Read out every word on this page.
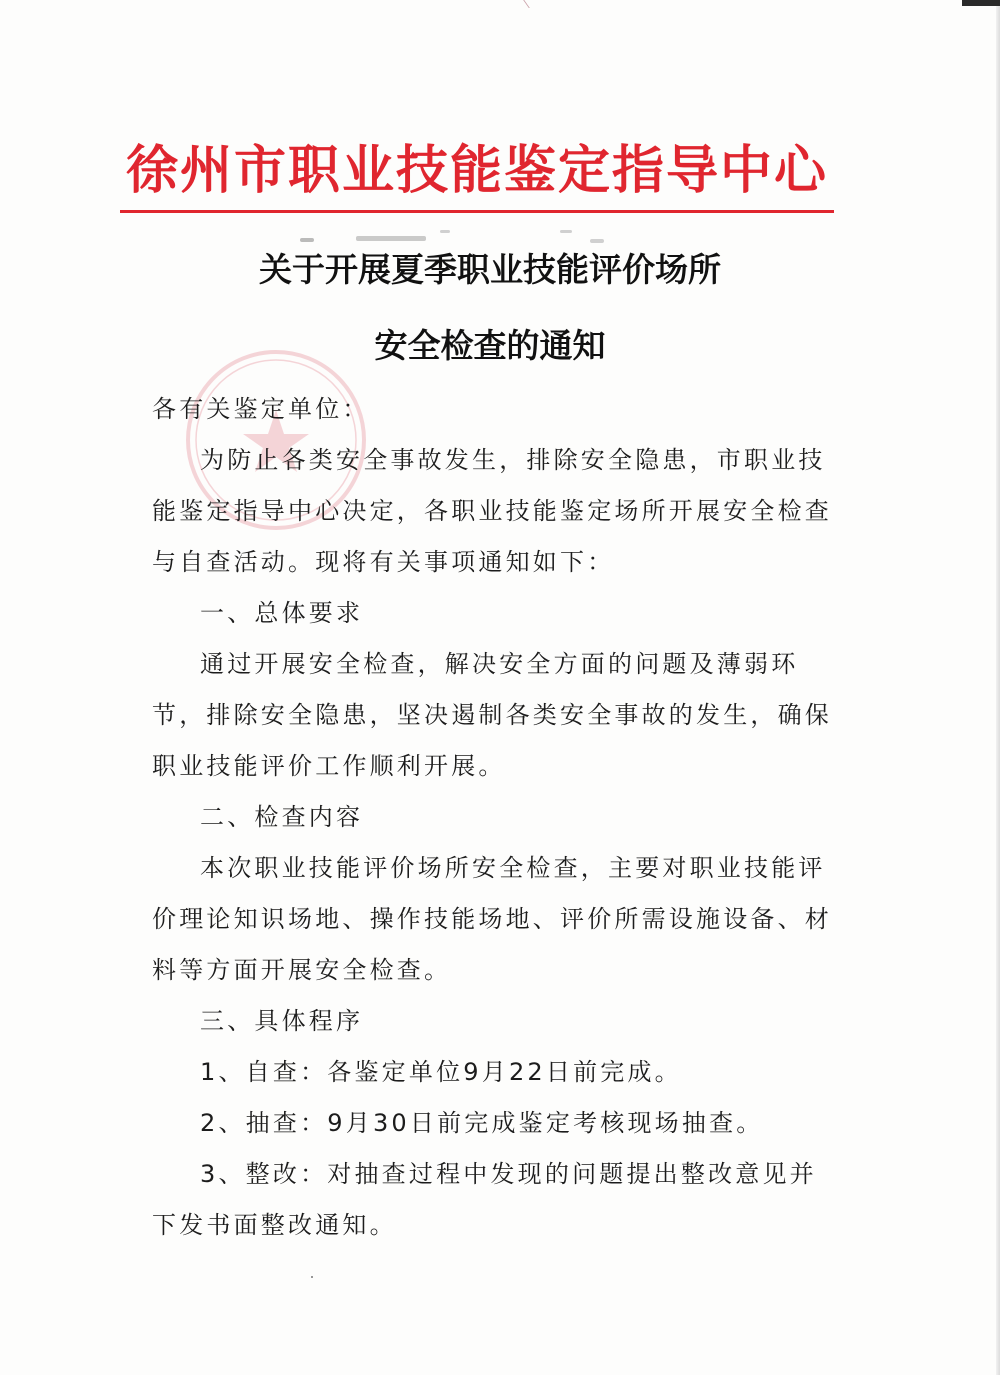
徐州市职业技能鉴定指导中心
关于开展夏季职业技能评价场所
安全检查的通知

各有关鉴定单位：

为防止各类安全事故发生，排除安全隐患，市职业技能鉴定指导中心决定，各职业技能鉴定场所开展安全检查与自查活动。现将有关事项通知如下：

一、总体要求

通过开展安全检查，解决安全方面的问题及薄弱环节，排除安全隐患，坚决遏制各类安全事故的发生，确保职业技能评价工作顺利开展。

二、检查内容

本次职业技能评价场所安全检查，主要对职业技能评价理论知识场地、操作技能场地、评价所需设施设备、材料等方面开展安全检查。

三、具体程序

1、自查：各鉴定单位9月22日前完成。

2、抽查：9月30日前完成鉴定考核现场抽查。

3、整改：对抽查过程中发现的问题提出整改意见并下发书面整改通知。
